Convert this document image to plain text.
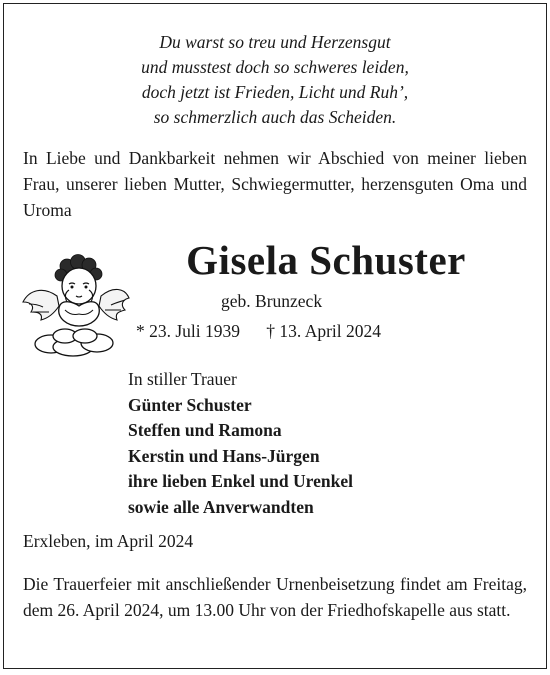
Du warst so treu und Herzensgut
und musstest doch so schweres leiden,
doch jetzt ist Frieden, Licht und Ruh’,
so schmerzlich auch das Scheiden.
In Liebe und Dankbarkeit nehmen wir Abschied von meiner lieben Frau, unserer lieben Mutter, Schwiegermutter, herzensguten Oma und Uroma
Gisela Schuster
geb. Brunzeck
* 23. Juli 1939 † 13. April 2024
In stiller Trauer
Günter Schuster
Steffen und Ramona
Kerstin und Hans-Jürgen
ihre lieben Enkel und Urenkel
sowie alle Anverwandten
Erxleben, im April 2024
Die Trauerfeier mit anschließender Urnenbeisetzung findet am Freitag, dem 26. April 2024, um 13.00 Uhr von der Friedhofskapelle aus statt.
